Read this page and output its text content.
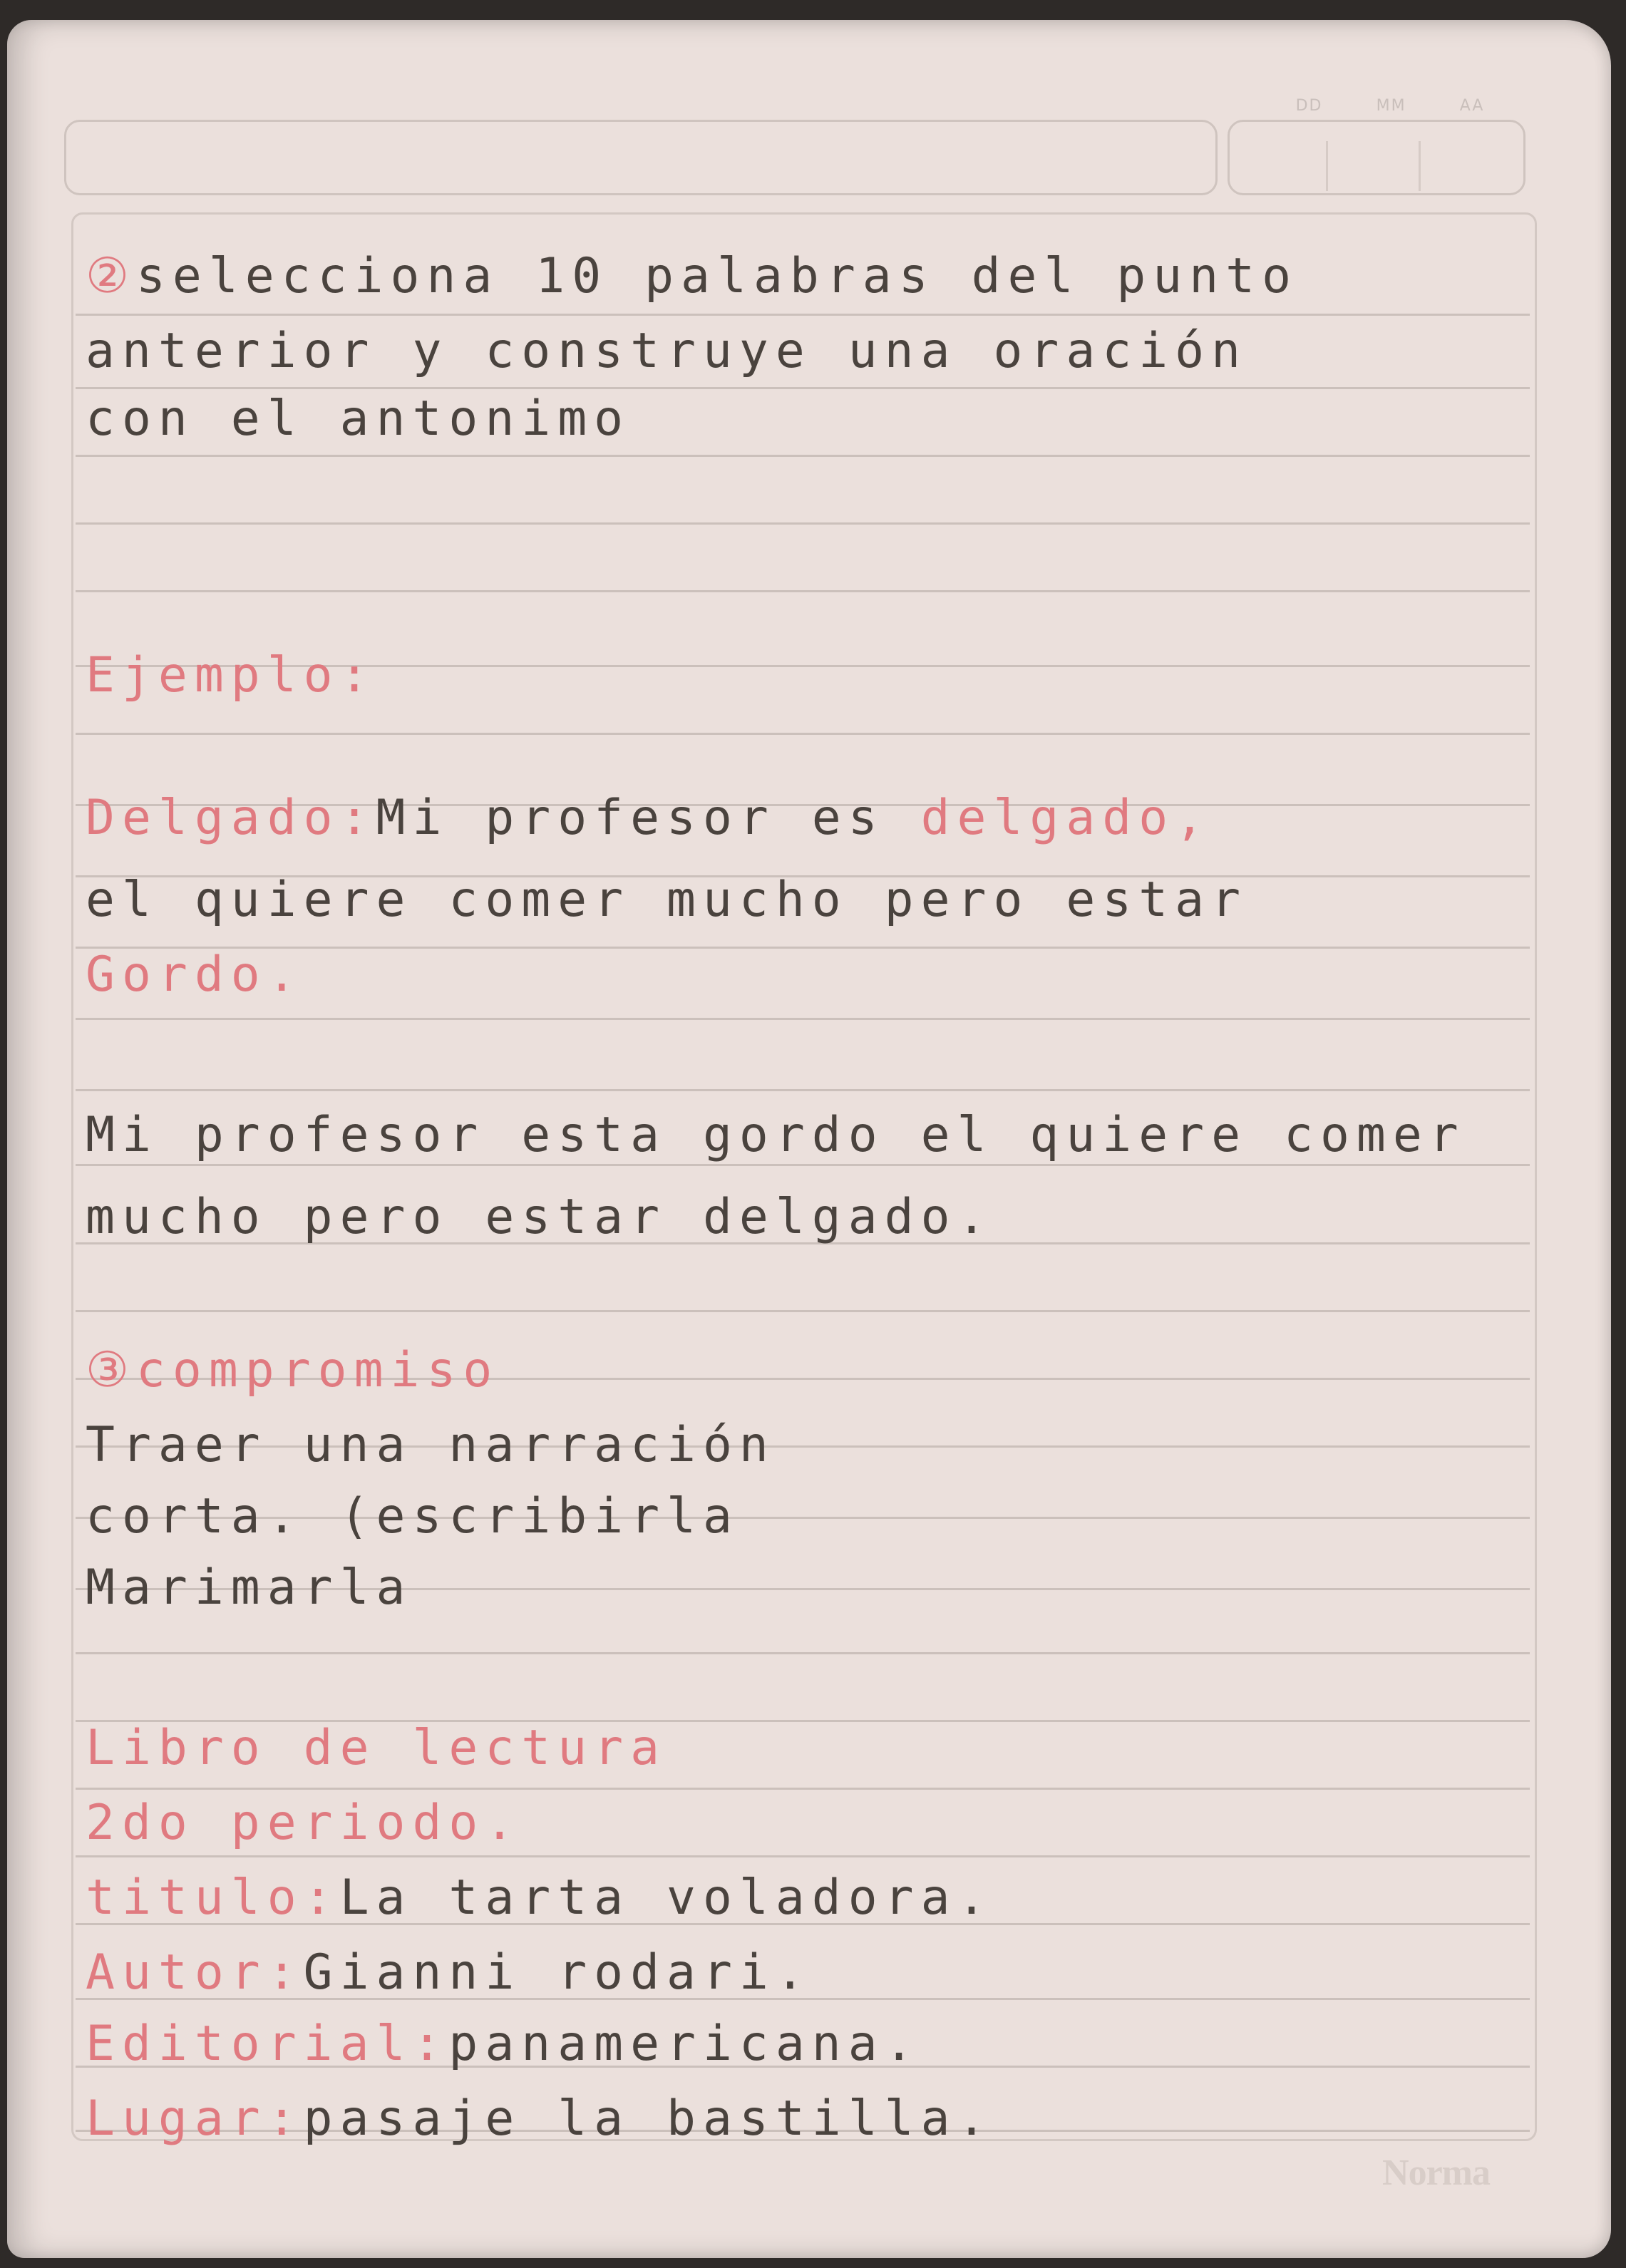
DD	MM	AA
②selecciona 10 palabras del punto
anterior y construye una oración
con el antonimo
Ejemplo:
Delgado:Mi profesor es delgado,
el quiere comer mucho pero estar
Gordo.
Mi profesor esta gordo el quiere comer
mucho pero estar delgado.
③compromiso
Traer una narración
corta. (escribirla
Marimarla
Libro de lectura
2do periodo.
titulo:La tarta voladora.
Autor:Gianni rodari.
Editorial:panamericana.
Lugar:pasaje la bastilla.
Norma
